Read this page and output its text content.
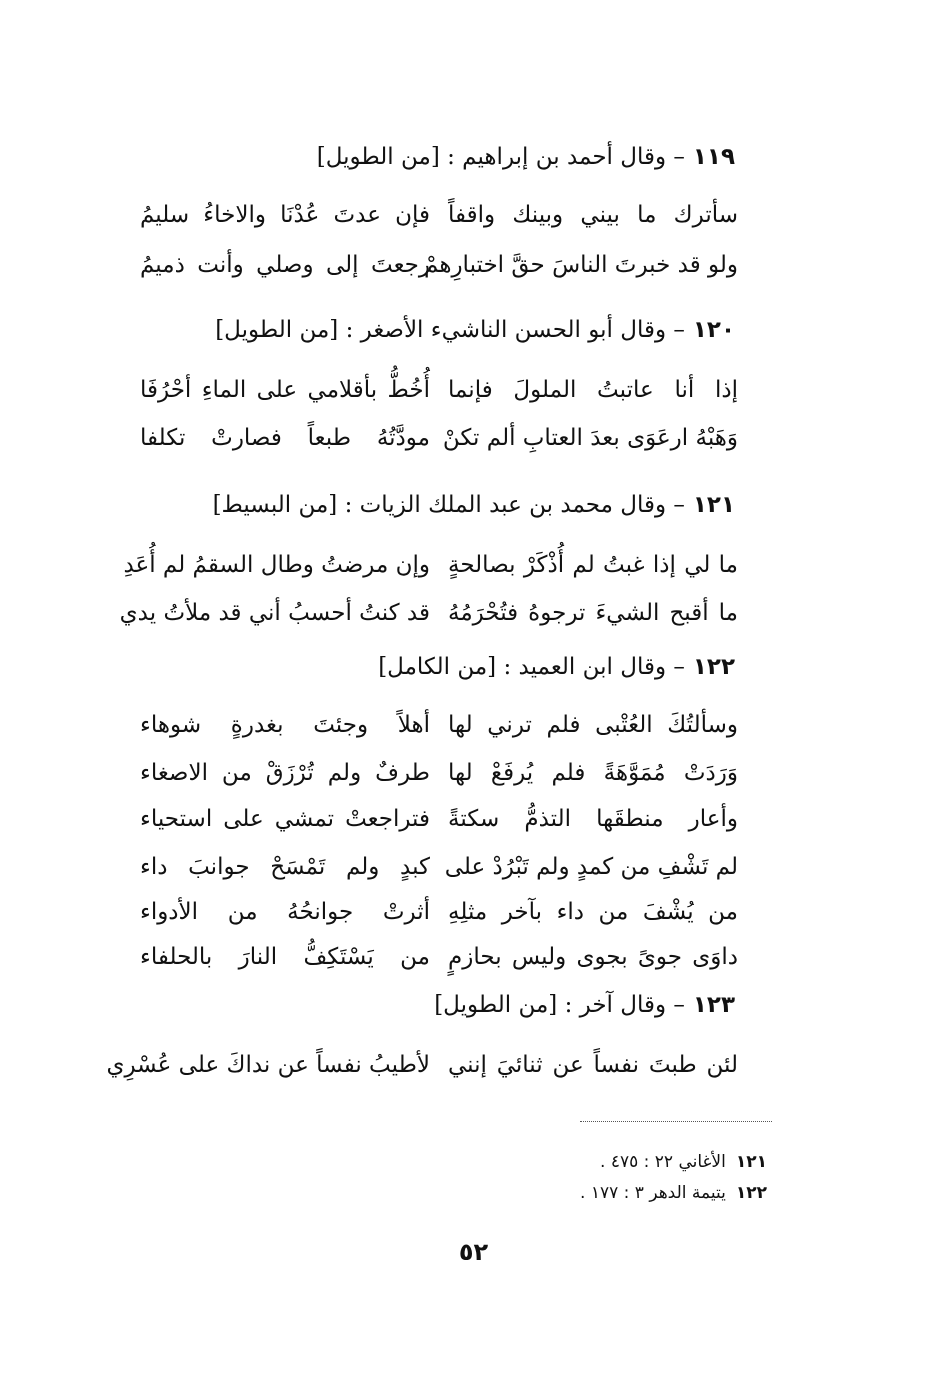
١١٩– وقال أحمد بن إبراهيم : [من الطويل]
سأترك ما بيني وبينك واقفاً
فإن عدتَ عُدْنَا والاخاءُ سليمُ
ولو قد خبرتَ الناسَ حقَّ اختبارِهمْ
رجعتَ إلى وصلي وأنت ذميمُ
١٢٠– وقال أبو الحسن الناشيء الأصغر : [من الطويل]
إذا أنا عاتبتُ الملولَ فإنما
أُخُطُّ بأقلامي على الماءِ أحْرُفَا
وَهَبْهُ ارعَوَى بعدَ العتابِ ألم تكنْ
مودَّتُهُ طبعاً فصارتْ تكلفا
١٢١– وقال محمد بن عبد الملك الزيات : [من البسيط]
ما لي إذا غبتُ لم أُذْكَرْ بصالحةٍ
وإن مرضتُ وطال السقمُ لم أُعَدِ
ما أقبح الشيءَ ترجوهُ فتُحْرَمُهُ
قد كنتُ أحسبُ أني قد ملأتُ يدي
١٢٢– وقال ابن العميد : [من الكامل]
وسألتُكَ العُتْبى فلم ترني لها
أهلاً وجئتَ بغدرةٍ شوهاء
وَرَدَتْ مُمَوَّهَةً فلم يُرفَعْ لها
طرفٌ ولم تُرْزَقْ من الاصغاء
وأعار منطقَها التذمُّ سكتةً
فتراجعتْ تمشي على استحياء
لم تَشْفِ من كمدٍ ولم تَبْرُدْ على
كبدٍ ولم تَمْسَحْ جوانبَ داء
من يُشْفَ من داء بآخر مثلِهِ
أثرتْ جوانحُهُ من الأدواء
داوَى جوىً بجوى وليس بحازمٍ
من يَسْتَكِفُّ النارَ بالحلفاء
١٢٣– وقال آخر : [من الطويل]
لئن طبتَ نفساً عن ثنائيَ إنني
لأطيبُ نفساً عن نداكَ على عُسْرِي
١٢١الأغاني ٢٢ : ٤٧٥ .
١٢٢يتيمة الدهر ٣ : ١٧٧ .
٥٢
